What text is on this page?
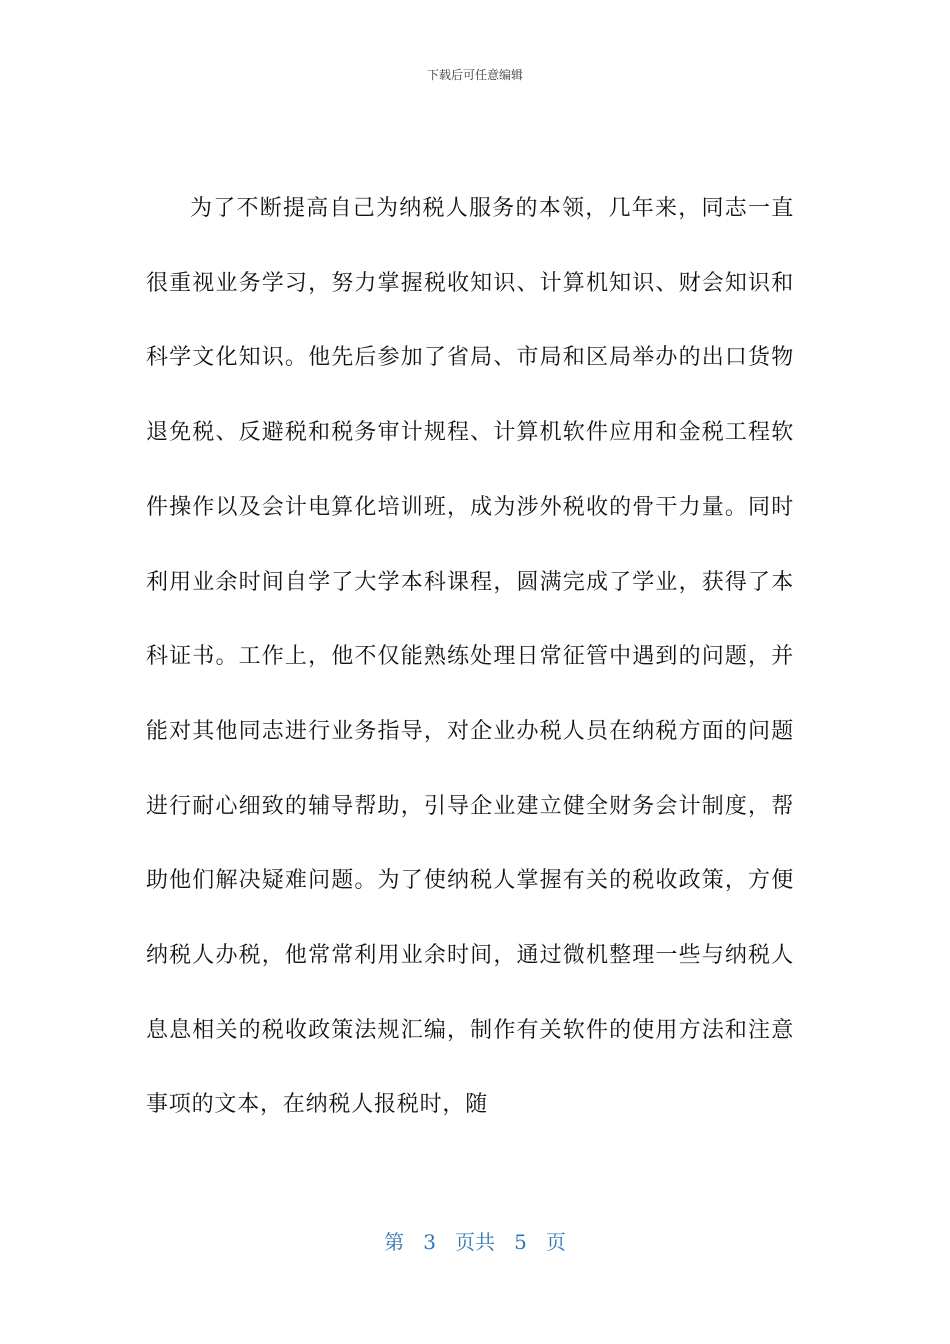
下载后可任意编辑

为了不断提高自己为纳税人服务的本领，几年来，同志一直很重视业务学习，努力掌握税收知识、计算机知识、财会知识和科学文化知识。他先后参加了省局、市局和区局举办的出口货物退免税、反避税和税务审计规程、计算机软件应用和金税工程软件操作以及会计电算化培训班，成为涉外税收的骨干力量。同时利用业余时间自学了大学本科课程，圆满完成了学业，获得了本科证书。工作上，他不仅能熟练处理日常征管中遇到的问题，并能对其他同志进行业务指导，对企业办税人员在纳税方面的问题进行耐心细致的辅导帮助，引导企业建立健全财务会计制度，帮助他们解决疑难问题。为了使纳税人掌握有关的税收政策，方便纳税人办税，他常常利用业余时间，通过微机整理一些与纳税人息息相关的税收政策法规汇编，制作有关软件的使用方法和注意事项的文本，在纳税人报税时，随

第 3 页共 5 页
